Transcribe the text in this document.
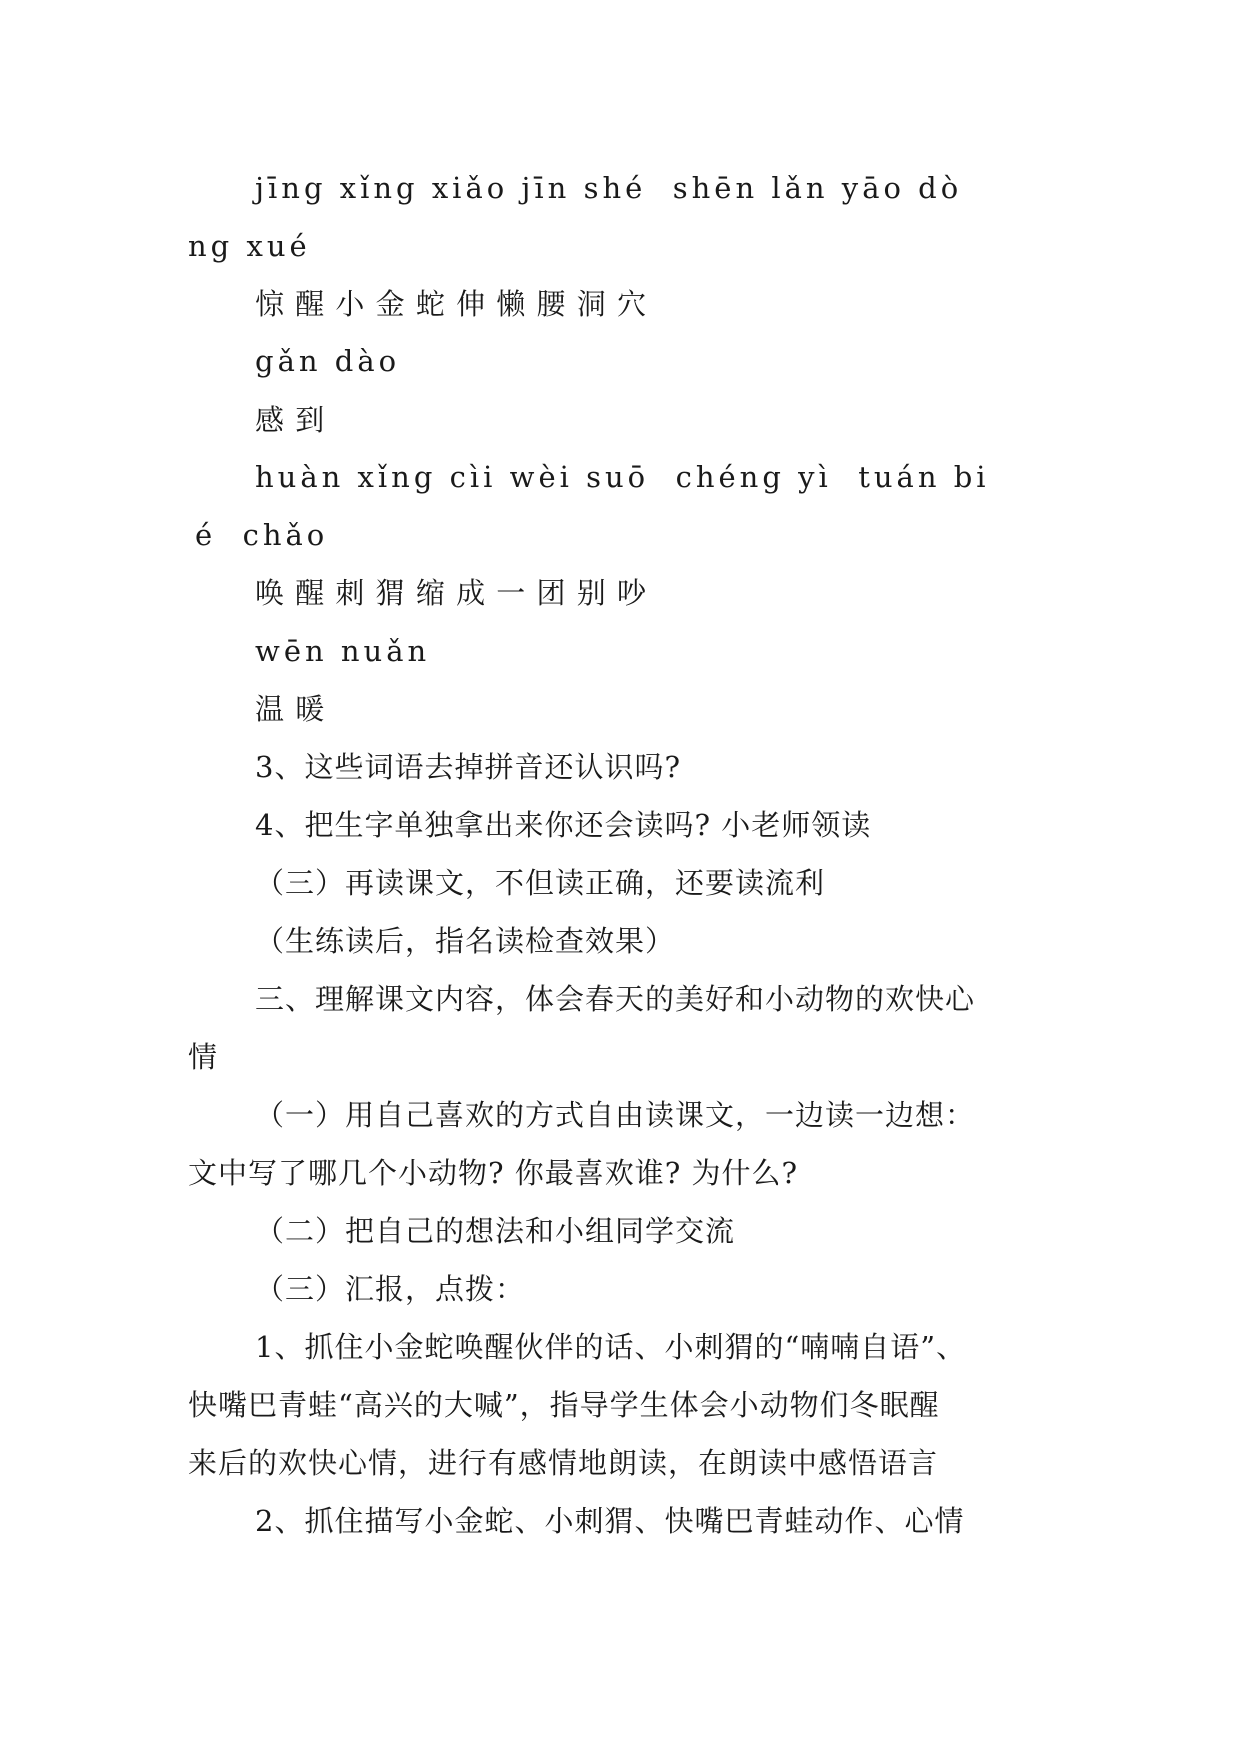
jīng xǐng xiǎo jīn shé  shēn lǎn yāo dò
ng xué
惊 醒 小 金 蛇 伸 懒 腰 洞 穴
gǎn dào
感 到
huàn xǐng cìi wèi suō  chéng yì  tuán bi
é  chǎo
唤 醒 刺 猬 缩 成 一 团 别 吵
wēn nuǎn
温 暖
3、这些词语去掉拼音还认识吗?
4、把生字单独拿出来你还会读吗? 小老师领读
（三）再读课文，不但读正确，还要读流利
（生练读后，指名读检查效果）
三、理解课文内容，体会春天的美好和小动物的欢快心
情
（一）用自己喜欢的方式自由读课文，一边读一边想：
文中写了哪几个小动物? 你最喜欢谁? 为什么?
（二）把自己的想法和小组同学交流
（三）汇报，点拨：
1、抓住小金蛇唤醒伙伴的话、小刺猬的“喃喃自语”、
快嘴巴青蛙“高兴的大喊”，指导学生体会小动物们冬眠醒
来后的欢快心情，进行有感情地朗读，在朗读中感悟语言
2、抓住描写小金蛇、小刺猬、快嘴巴青蛙动作、心情
